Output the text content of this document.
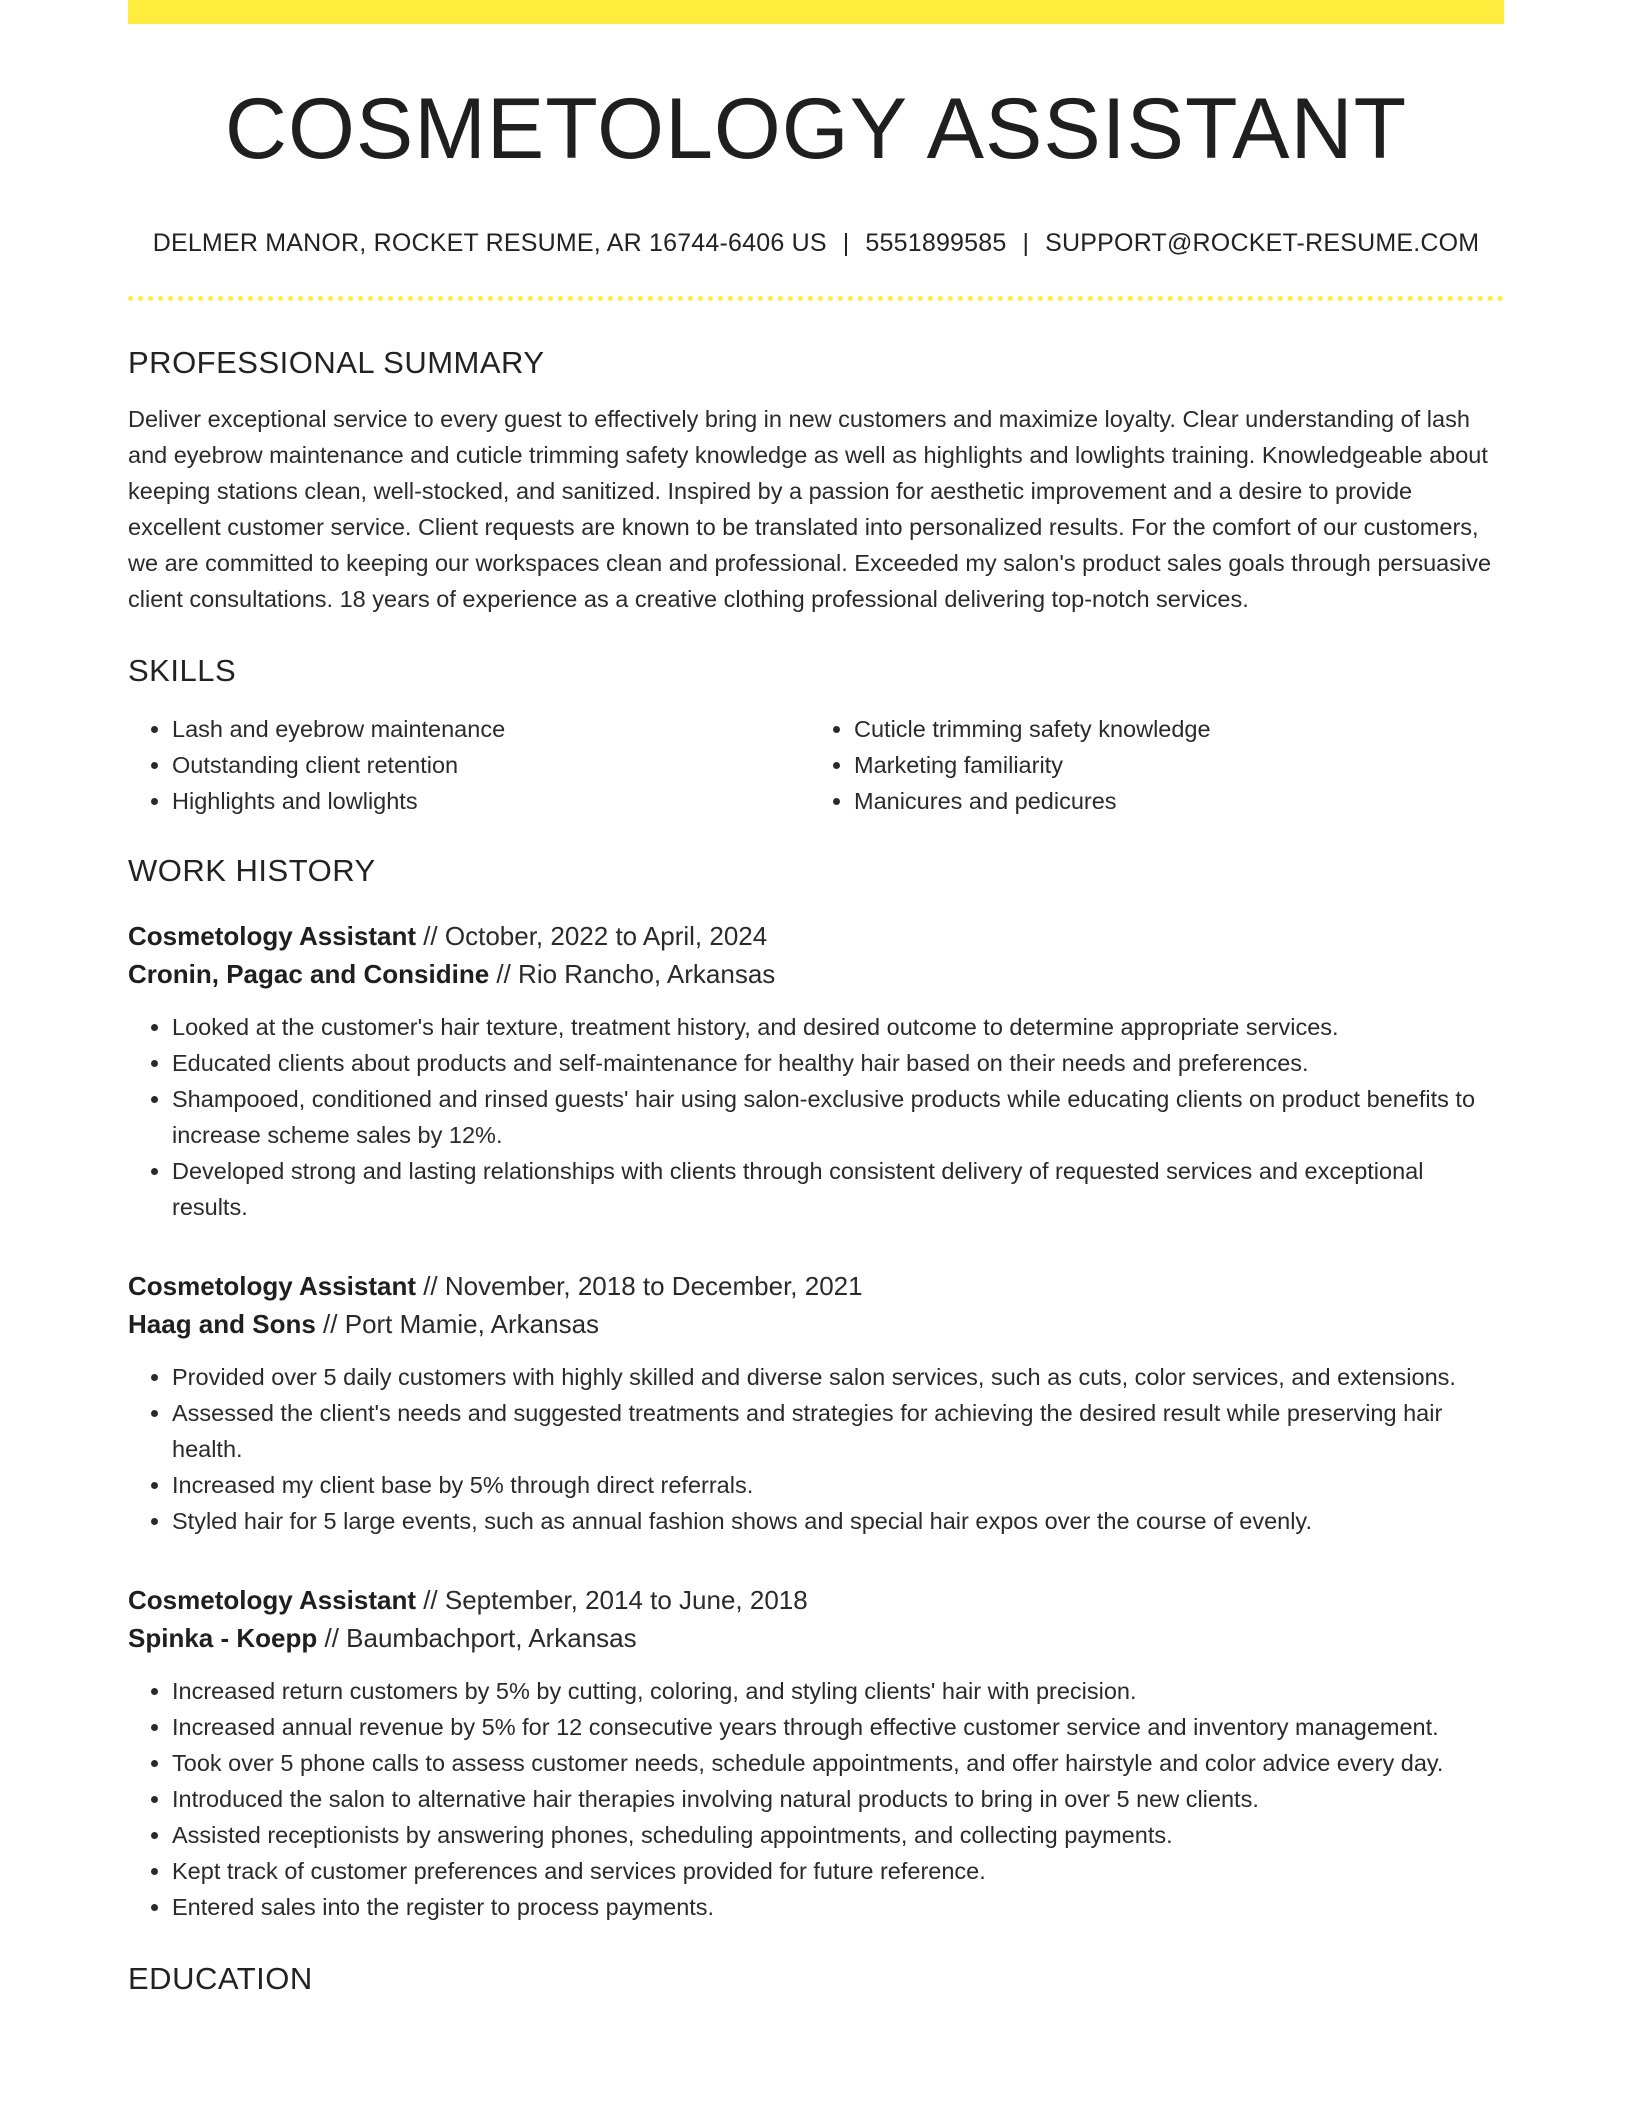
COSMETOLOGY ASSISTANT
DELMER MANOR, ROCKET RESUME, AR 16744-6406 US | 5551899585 | SUPPORT@ROCKET-RESUME.COM
PROFESSIONAL SUMMARY

Deliver exceptional service to every guest to effectively bring in new customers and maximize loyalty. Clear understanding of lash and eyebrow maintenance and cuticle trimming safety knowledge as well as highlights and lowlights training. Knowledgeable about keeping stations clean, well-stocked, and sanitized. Inspired by a passion for aesthetic improvement and a desire to provide excellent customer service. Client requests are known to be translated into personalized results. For the comfort of our customers, we are committed to keeping our workspaces clean and professional. Exceeded my salon's product sales goals through persuasive client consultations. 18 years of experience as a creative clothing professional delivering top-notch services.

SKILLS
• Lash and eyebrow maintenance
• Outstanding client retention
• Highlights and lowlights
• Cuticle trimming safety knowledge
• Marketing familiarity
• Manicures and pedicures
WORK HISTORY
Cosmetology Assistant // October, 2022 to April, 2024
Cronin, Pagac and Considine // Rio Rancho, Arkansas
• Looked at the customer's hair texture, treatment history, and desired outcome to determine appropriate services.
• Educated clients about products and self-maintenance for healthy hair based on their needs and preferences.
• Shampooed, conditioned and rinsed guests' hair using salon-exclusive products while educating clients on product benefits to increase scheme sales by 12%.
• Developed strong and lasting relationships with clients through consistent delivery of requested services and exceptional results.
Cosmetology Assistant // November, 2018 to December, 2021
Haag and Sons // Port Mamie, Arkansas
• Provided over 5 daily customers with highly skilled and diverse salon services, such as cuts, color services, and extensions.
• Assessed the client's needs and suggested treatments and strategies for achieving the desired result while preserving hair health.
• Increased my client base by 5% through direct referrals.
• Styled hair for 5 large events, such as annual fashion shows and special hair expos over the course of evenly.
Cosmetology Assistant // September, 2014 to June, 2018
Spinka - Koepp // Baumbachport, Arkansas
• Increased return customers by 5% by cutting, coloring, and styling clients' hair with precision.
• Increased annual revenue by 5% for 12 consecutive years through effective customer service and inventory management.
• Took over 5 phone calls to assess customer needs, schedule appointments, and offer hairstyle and color advice every day.
• Introduced the salon to alternative hair therapies involving natural products to bring in over 5 new clients.
• Assisted receptionists by answering phones, scheduling appointments, and collecting payments.
• Kept track of customer preferences and services provided for future reference.
• Entered sales into the register to process payments.
EDUCATION
